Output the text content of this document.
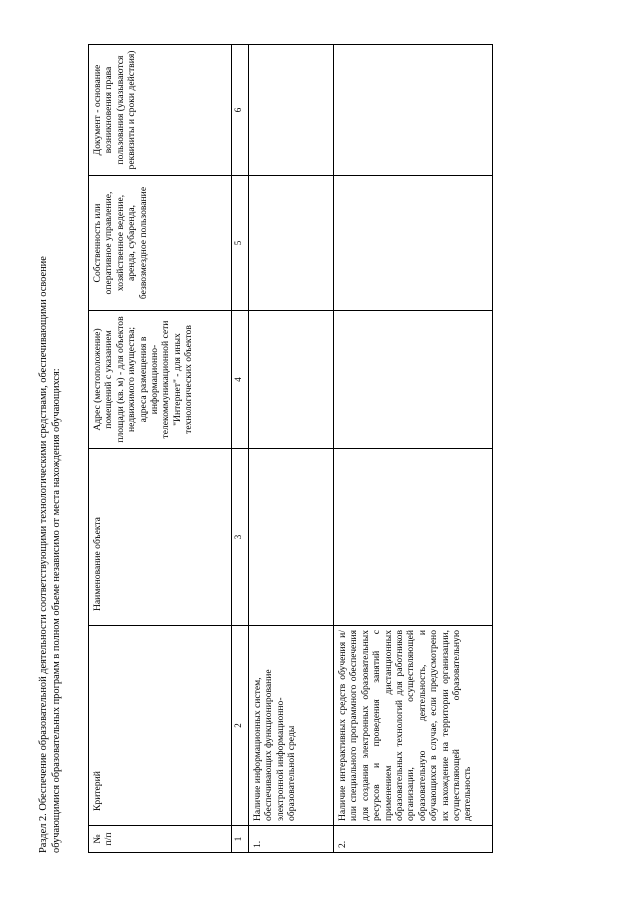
Раздел 2. Обеспечение образовательной деятельности соответствующими технологическими средствами, обеспечивающими освоение обучающимися образовательных программ в полном объеме независимо от места нахождения обучающихся:	№ п/п	Критерий	Наименование объекта	Адрес (местоположение) помещений с указанием площади (кв. м) - для объектов недвижимого имущества; адреса размещения в информационно-телекоммуникационной сети "Интернет" - для иных технологических объектов	Собственность или оперативное управление, хозяйственное ведение, аренда, субаренда, безвозмездное пользование	Документ - основание возникновения права пользования (указываются реквизиты и сроки действия)
1	2	3	4	5	6
1.	Наличие информационных систем, обеспечивающих функционирование электронной информационно-образовательной среды				
2.	Наличие интерактивных средств обучения и/или специального программного обеспечения для создания электронных образовательных ресурсов и проведения занятий с применением дистанционных образовательных технологий для работников организации, осуществляющей образовательную деятельность, и обучающихся в случае, если предусмотрено их нахождение на территории организации, осуществляющей образовательную деятельность				
